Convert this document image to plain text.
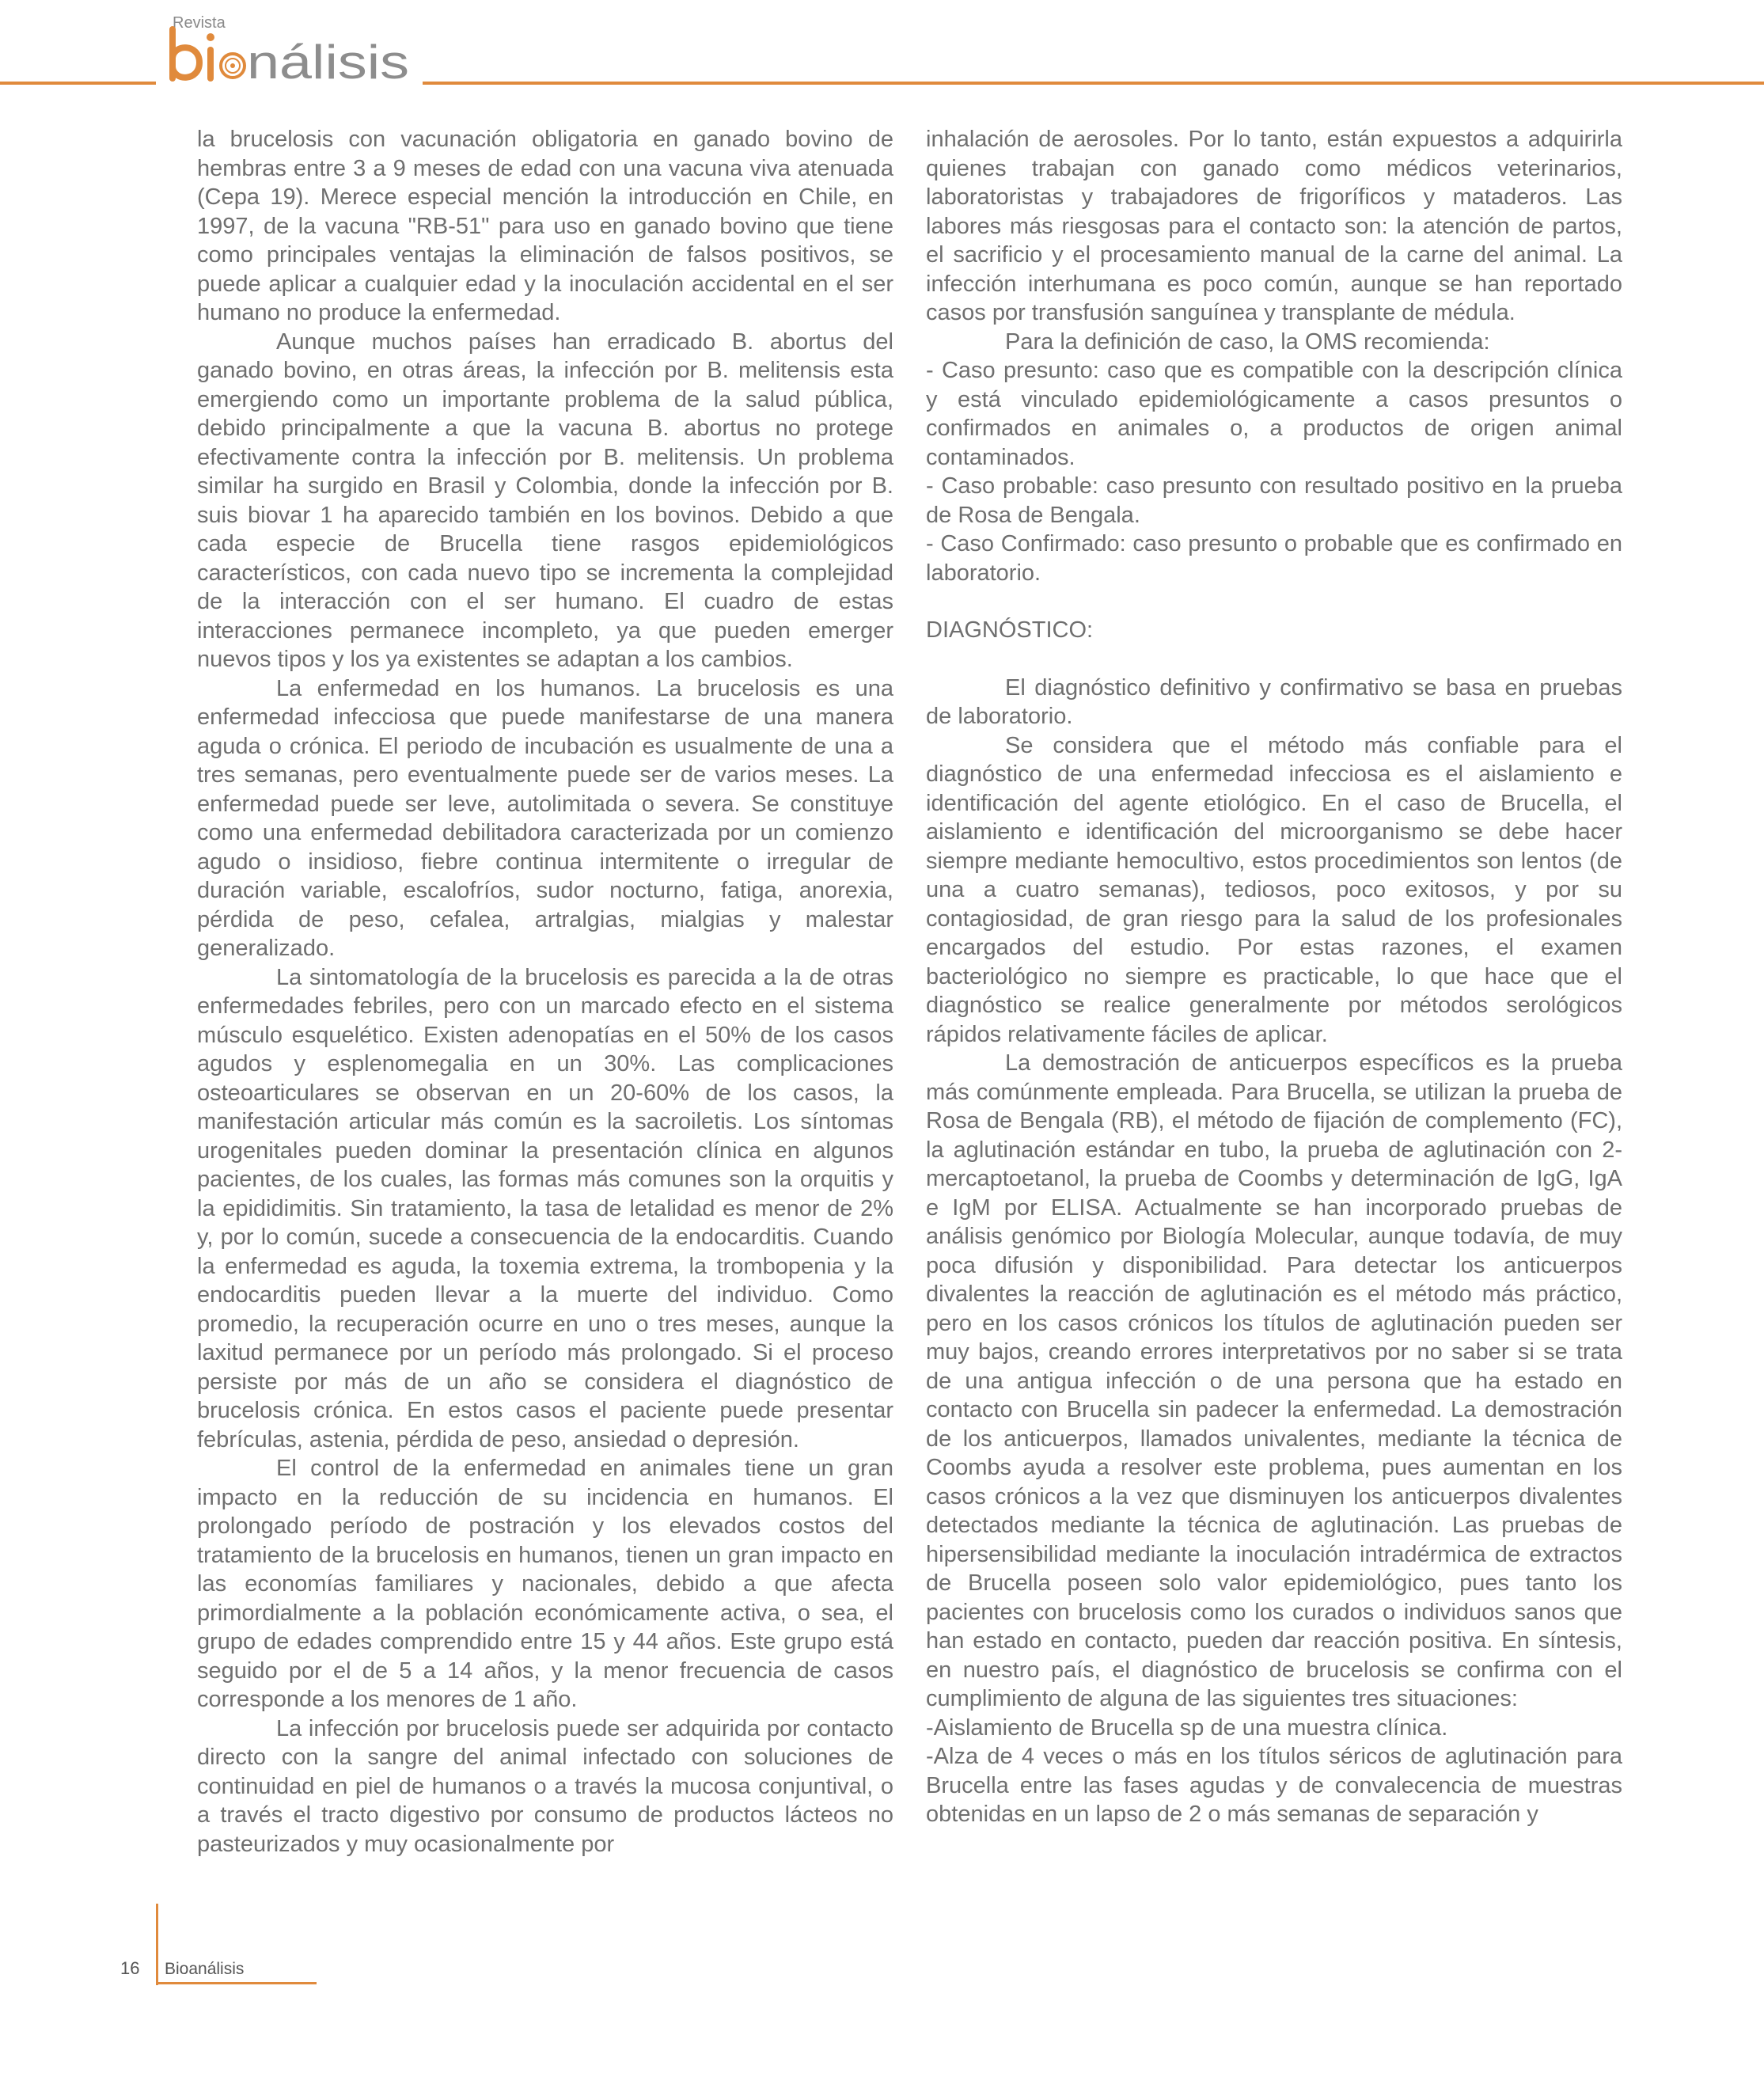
Revista
nálisis

la brucelosis con vacunación obligatoria en ganado bovino de hembras entre 3 a 9 meses de edad con una vacuna viva atenuada (Cepa 19). Merece especial mención la introducción en Chile, en 1997, de la vacuna "RB-51" para uso en ganado bovino que tiene como principales ventajas la eliminación de falsos positivos, se puede aplicar a cualquier edad y la inoculación accidental en el ser humano no produce la enfermedad.

Aunque muchos países han erradicado B. abortus del ganado bovino, en otras áreas, la infección por B. melitensis esta emergiendo como un importante problema de la salud pública, debido principalmente a que la vacuna B. abortus no protege efectivamente contra la infección por B. melitensis. Un problema similar ha surgido en Brasil y Colombia, donde la infección por B. suis biovar 1 ha aparecido también en los bovinos. Debido a que cada especie de Brucella tiene rasgos epidemiológicos característicos, con cada nuevo tipo se incrementa la complejidad de la interacción con el ser humano. El cuadro de estas interacciones permanece incompleto, ya que pueden emerger nuevos tipos y los ya existentes se adaptan a los cambios.

La enfermedad en los humanos. La brucelosis es una enfermedad infecciosa que puede manifestarse de una manera aguda o crónica. El periodo de incubación es usualmente de una a tres semanas, pero eventualmente puede ser de varios meses. La enfermedad puede ser leve, autolimitada o severa. Se constituye como una enfermedad debilitadora caracterizada por un comienzo agudo o insidioso, fiebre continua intermitente o irregular de duración variable, escalofríos, sudor nocturno, fatiga, anorexia, pérdida de peso, cefalea, artralgias, mialgias y malestar generalizado.

La sintomatología de la brucelosis es parecida a la de otras enfermedades febriles, pero con un marcado efecto en el sistema músculo esquelético. Existen adenopatías en el 50% de los casos agudos y esplenomegalia en un 30%. Las complicaciones osteoarticulares se observan en un 20-60% de los casos, la manifestación articular más común es la sacroiletis. Los síntomas urogenitales pueden dominar la presentación clínica en algunos pacientes, de los cuales, las formas más comunes son la orquitis y la epididimitis. Sin tratamiento, la tasa de letalidad es menor de 2% y, por lo común, sucede a consecuencia de la endocarditis. Cuando la enfermedad es aguda, la toxemia extrema, la trombopenia y la endocarditis pueden llevar a la muerte del individuo. Como promedio, la recuperación ocurre en uno o tres meses, aunque la laxitud permanece por un período más prolongado. Si el proceso persiste por más de un año se considera el diagnóstico de brucelosis crónica. En estos casos el paciente puede presentar febrículas, astenia, pérdida de peso, ansiedad o depresión.

El control de la enfermedad en animales tiene un gran impacto en la reducción de su incidencia en humanos. El prolongado período de postración y los elevados costos del tratamiento de la brucelosis en humanos, tienen un gran impacto en las economías familiares y nacionales, debido a que afecta primordialmente a la población económicamente activa, o sea, el grupo de edades comprendido entre 15 y 44 años. Este grupo está seguido por el de 5 a 14 años, y la menor frecuencia de casos corresponde a los menores de 1 año.

La infección por brucelosis puede ser adquirida por contacto directo con la sangre del animal infectado con soluciones de continuidad en piel de humanos o a través la mucosa conjuntival, o a través el tracto digestivo por consumo de productos lácteos no pasteurizados y muy ocasionalmente por

inhalación de aerosoles. Por lo tanto, están expuestos a adquirirla quienes trabajan con ganado como médicos veterinarios, laboratoristas y trabajadores de frigoríficos y mataderos. Las labores más riesgosas para el contacto son: la atención de partos, el sacrificio y el procesamiento manual de la carne del animal. La infección interhumana es poco común, aunque se han reportado casos por transfusión sanguínea y transplante de médula.

Para la definición de caso, la OMS recomienda:

- Caso presunto: caso que es compatible con la descripción clínica y está vinculado epidemiológicamente a casos presuntos o confirmados en animales o, a productos de origen animal contaminados.

- Caso probable: caso presunto con resultado positivo en la prueba de Rosa de Bengala.

- Caso Confirmado: caso presunto o probable que es confirmado en laboratorio.

DIAGNÓSTICO:

El diagnóstico definitivo y confirmativo se basa en pruebas de laboratorio.

Se considera que el método más confiable para el diagnóstico de una enfermedad infecciosa es el aislamiento e identificación del agente etiológico. En el caso de Brucella, el aislamiento e identificación del microorganismo se debe hacer siempre mediante hemocultivo, estos procedimientos son lentos (de una a cuatro semanas), tediosos, poco exitosos, y por su contagiosidad, de gran riesgo para la salud de los profesionales encargados del estudio. Por estas razones, el examen bacteriológico no siempre es practicable, lo que hace que el diagnóstico se realice generalmente por métodos serológicos rápidos relativamente fáciles de aplicar.

La demostración de anticuerpos específicos es la prueba más comúnmente empleada. Para Brucella, se utilizan la prueba de Rosa de Bengala (RB), el método de fijación de complemento (FC), la aglutinación estándar en tubo, la prueba de aglutinación con 2-mercaptoetanol, la prueba de Coombs y determinación de IgG, IgA e IgM por ELISA. Actualmente se han incorporado pruebas de análisis genómico por Biología Molecular, aunque todavía, de muy poca difusión y disponibilidad. Para detectar los anticuerpos divalentes la reacción de aglutinación es el método más práctico, pero en los casos crónicos los títulos de aglutinación pueden ser muy bajos, creando errores interpretativos por no saber si se trata de una antigua infección o de una persona que ha estado en contacto con Brucella sin padecer la enfermedad. La demostración de los anticuerpos, llamados univalentes, mediante la técnica de Coombs ayuda a resolver este problema, pues aumentan en los casos crónicos a la vez que disminuyen los anticuerpos divalentes detectados mediante la técnica de aglutinación. Las pruebas de hipersensibilidad mediante la inoculación intradérmica de extractos de Brucella poseen solo valor epidemiológico, pues tanto los pacientes con brucelosis como los curados o individuos sanos que han estado en contacto, pueden dar reacción positiva. En síntesis, en nuestro país, el diagnóstico de brucelosis se confirma con el cumplimiento de alguna de las siguientes tres situaciones:

-Aislamiento de Brucella sp de una muestra clínica.

-Alza de 4 veces o más en los títulos séricos de aglutinación para Brucella entre las fases agudas y de convalecencia de muestras obtenidas en un lapso de 2 o más semanas de separación y

16 Bioanálisis
